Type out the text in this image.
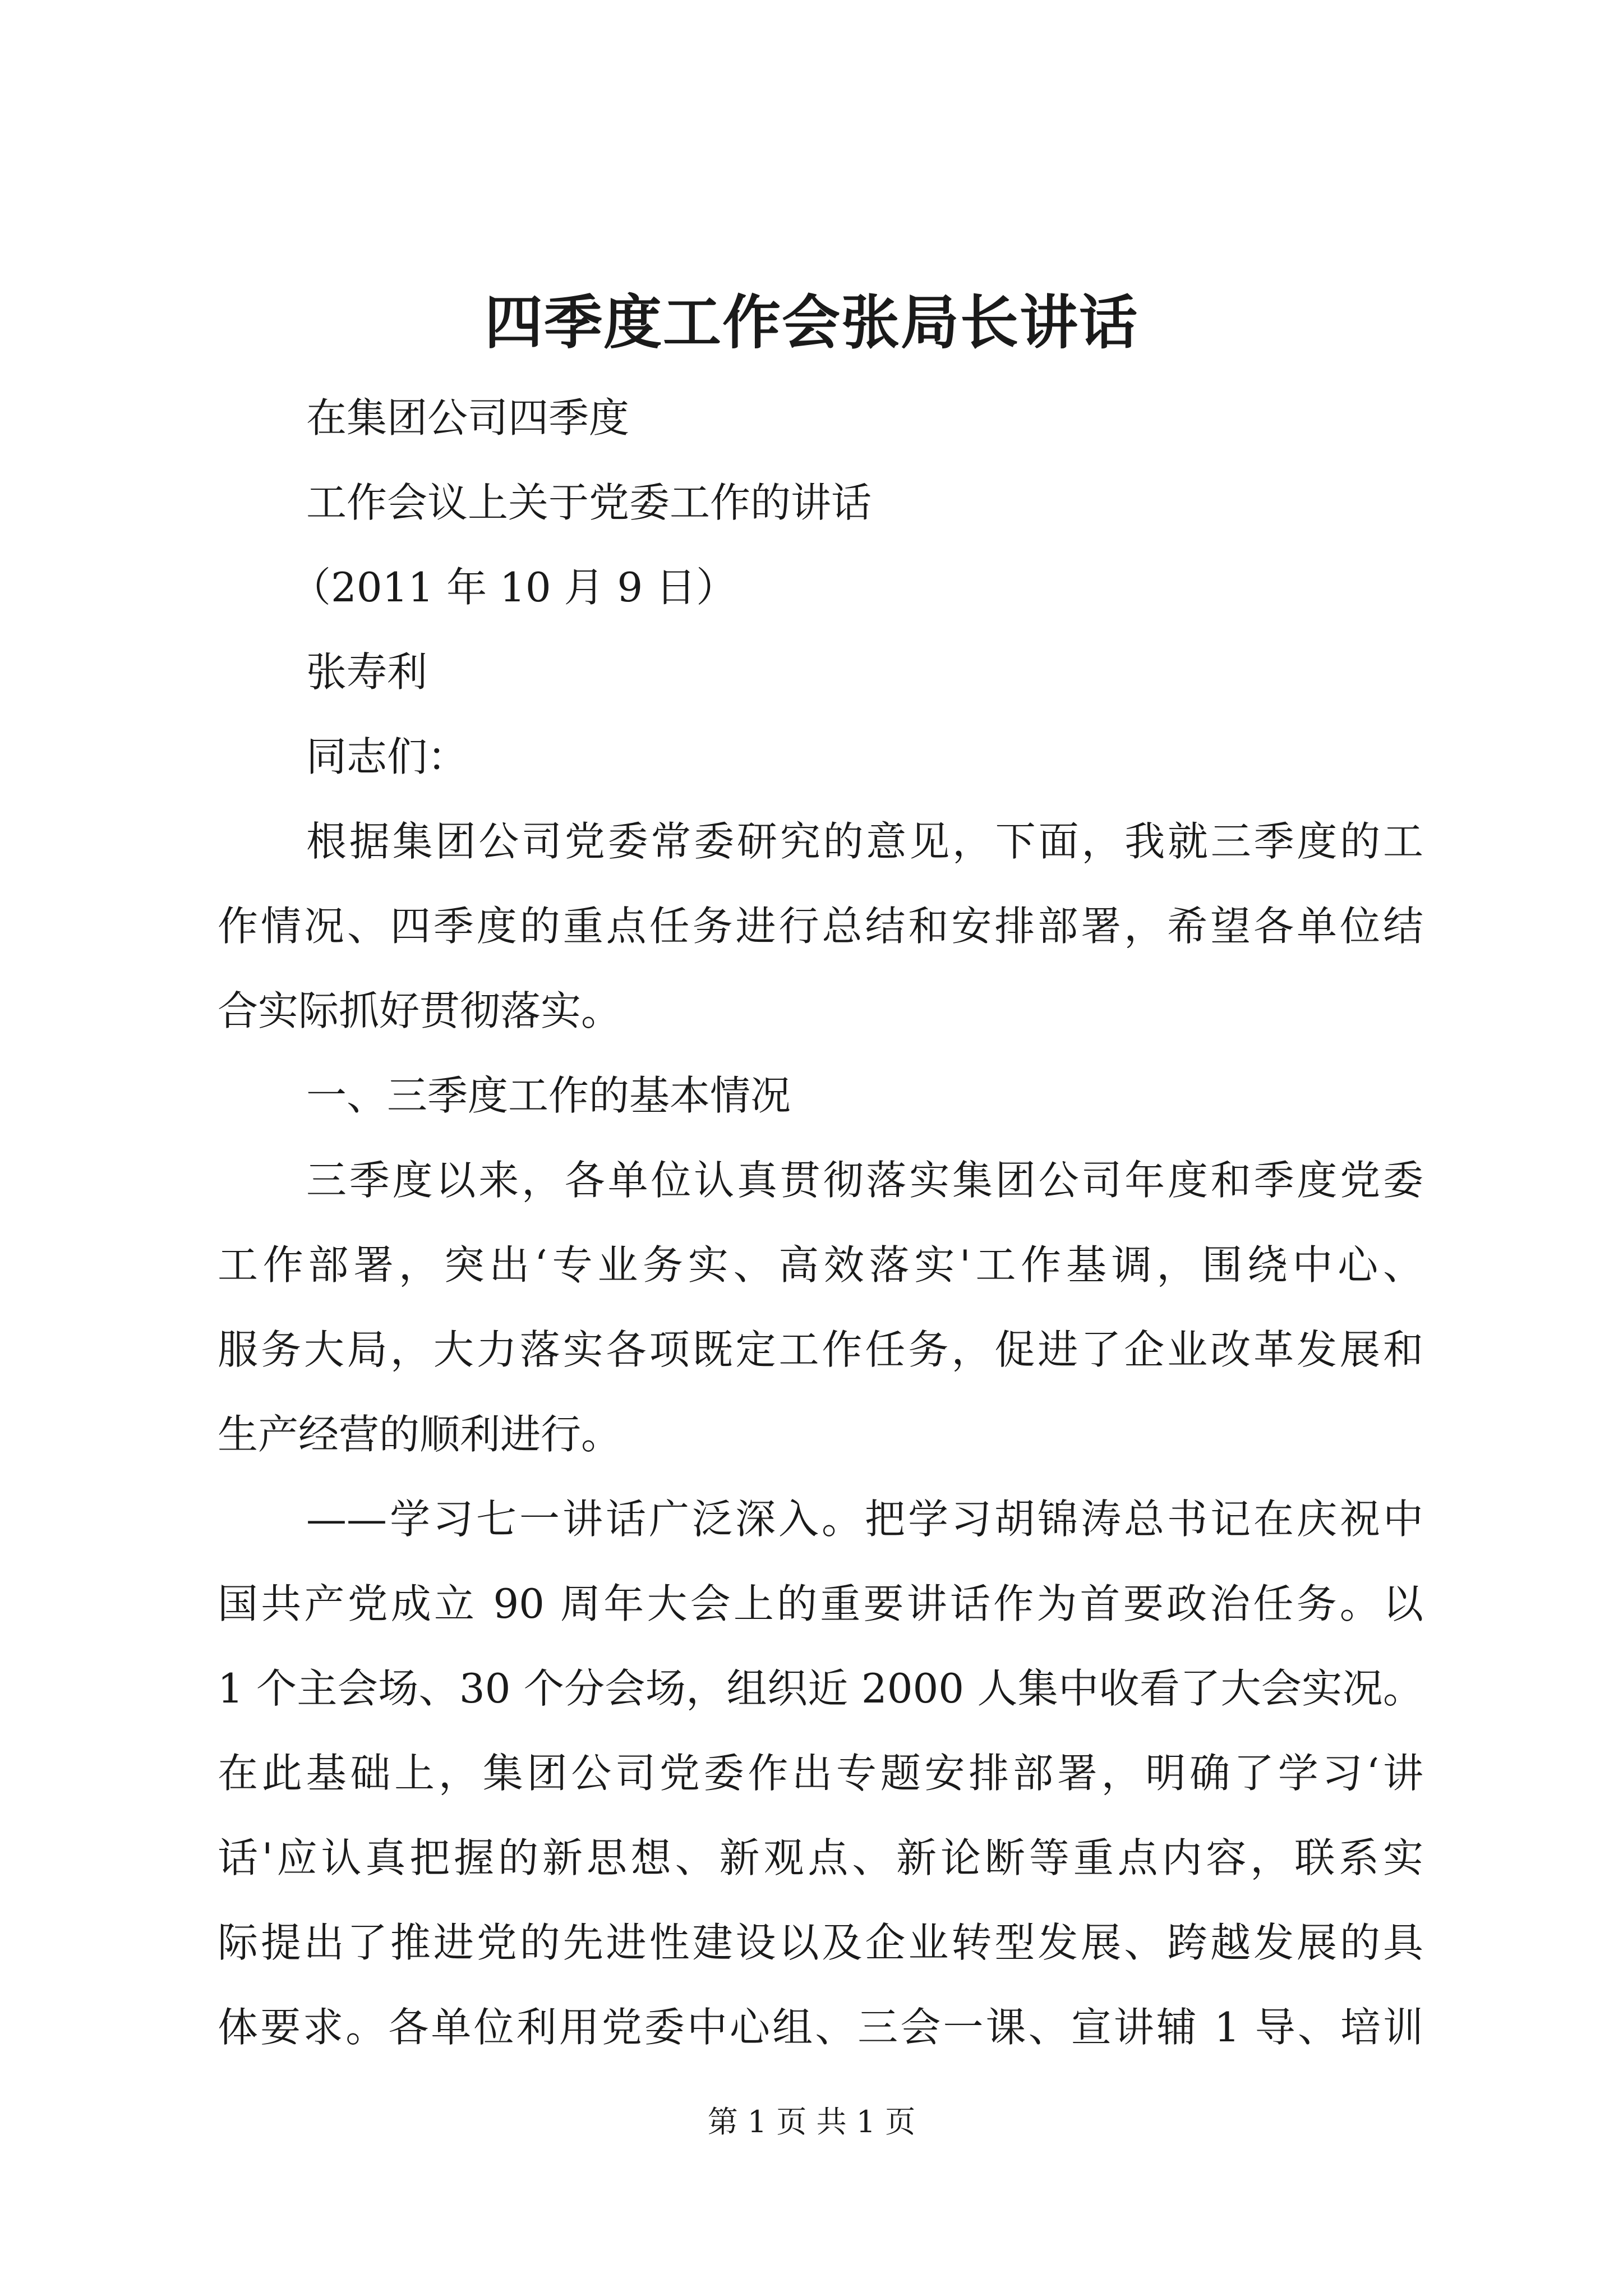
四季度工作会张局长讲话
在集团公司四季度
工作会议上关于党委工作的讲话
（2011 年 10 月 9 日）
张寿利
同志们：
根据集团公司党委常委研究的意见，下面，我就三季度的工
作情况、四季度的重点任务进行总结和安排部署，希望各单位结
合实际抓好贯彻落实。
一、三季度工作的基本情况
三季度以来，各单位认真贯彻落实集团公司年度和季度党委
工作部署，突出‘专业务实、高效落实'工作基调，围绕中心、
服务大局，大力落实各项既定工作任务，促进了企业改革发展和
生产经营的顺利进行。
——学习七一讲话广泛深入。把学习胡锦涛总书记在庆祝中
国共产党成立 90 周年大会上的重要讲话作为首要政治任务。以
1 个主会场、30 个分会场，组织近 2000 人集中收看了大会实况。
在此基础上，集团公司党委作出专题安排部署，明确了学习‘讲
话'应认真把握的新思想、新观点、新论断等重点内容，联系实
际提出了推进党的先进性建设以及企业转型发展、跨越发展的具
体要求。各单位利用党委中心组、三会一课、宣讲辅 1 导、培训
第 1 页 共 1 页
